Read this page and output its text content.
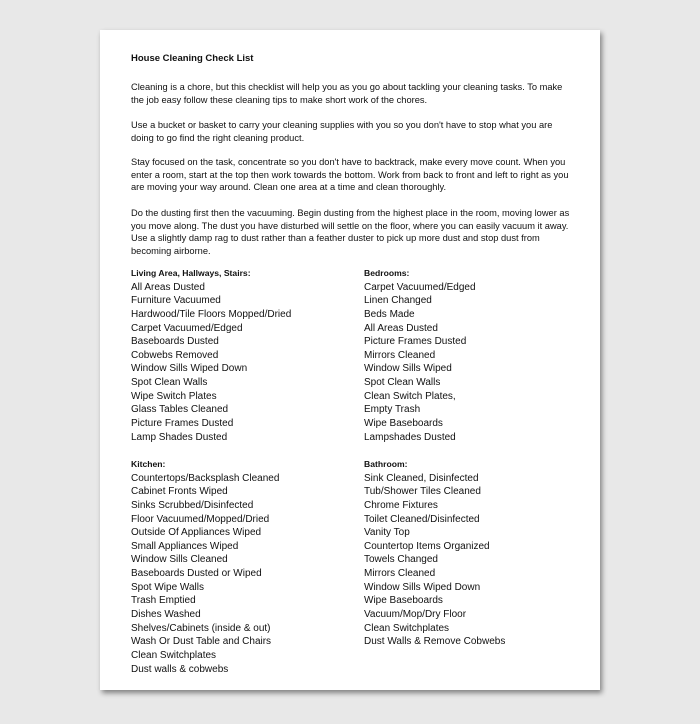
House Cleaning Check List

Cleaning is a chore, but this checklist will help you as you go about tackling your cleaning tasks. To make the job easy follow these cleaning tips to make short work of the chores.

Use a bucket or basket to carry your cleaning supplies with you so you don't have to stop what you are doing to go find the right cleaning product.

Stay focused on the task, concentrate so you don't have to backtrack, make every move count. When you enter a room, start at the top then work towards the bottom. Work from back to front and left to right as you are moving your way around. Clean one area at a time and clean thoroughly.

Do the dusting first then the vacuuming. Begin dusting from the highest place in the room, moving lower as you move along. The dust you have disturbed will settle on the floor, where you can easily vacuum it away. Use a slightly damp rag to dust rather than a feather duster to pick up more dust and stop dust from becoming airborne.

Living Area, Hallways, Stairs:
All Areas Dusted
Furniture Vacuumed
Hardwood/Tile Floors Mopped/Dried
Carpet Vacuumed/Edged
Baseboards Dusted
Cobwebs Removed
Window Sills Wiped Down
Spot Clean Walls
Wipe Switch Plates
Glass Tables Cleaned
Picture Frames Dusted
Lamp Shades Dusted
Bedrooms:
Carpet Vacuumed/Edged
Linen Changed
Beds Made
All Areas Dusted
Picture Frames Dusted
Mirrors Cleaned
Window Sills Wiped
Spot Clean Walls
Clean Switch Plates,
Empty Trash
Wipe Baseboards
Lampshades Dusted
Kitchen:
Countertops/Backsplash Cleaned
Cabinet Fronts Wiped
Sinks Scrubbed/Disinfected
Floor Vacuumed/Mopped/Dried
Outside Of Appliances Wiped
Small Appliances Wiped
Window Sills Cleaned
Baseboards Dusted or Wiped
Spot Wipe Walls
Trash Emptied
Dishes Washed
Shelves/Cabinets (inside & out)
Wash Or Dust Table and Chairs
Clean Switchplates
Dust walls & cobwebs
Bathroom:
Sink Cleaned, Disinfected
Tub/Shower Tiles Cleaned
Chrome Fixtures
Toilet Cleaned/Disinfected
Vanity Top
Countertop Items Organized
Towels Changed
Mirrors Cleaned
Window Sills Wiped Down
Wipe Baseboards
Vacuum/Mop/Dry Floor
Clean Switchplates
Dust Walls & Remove Cobwebs
